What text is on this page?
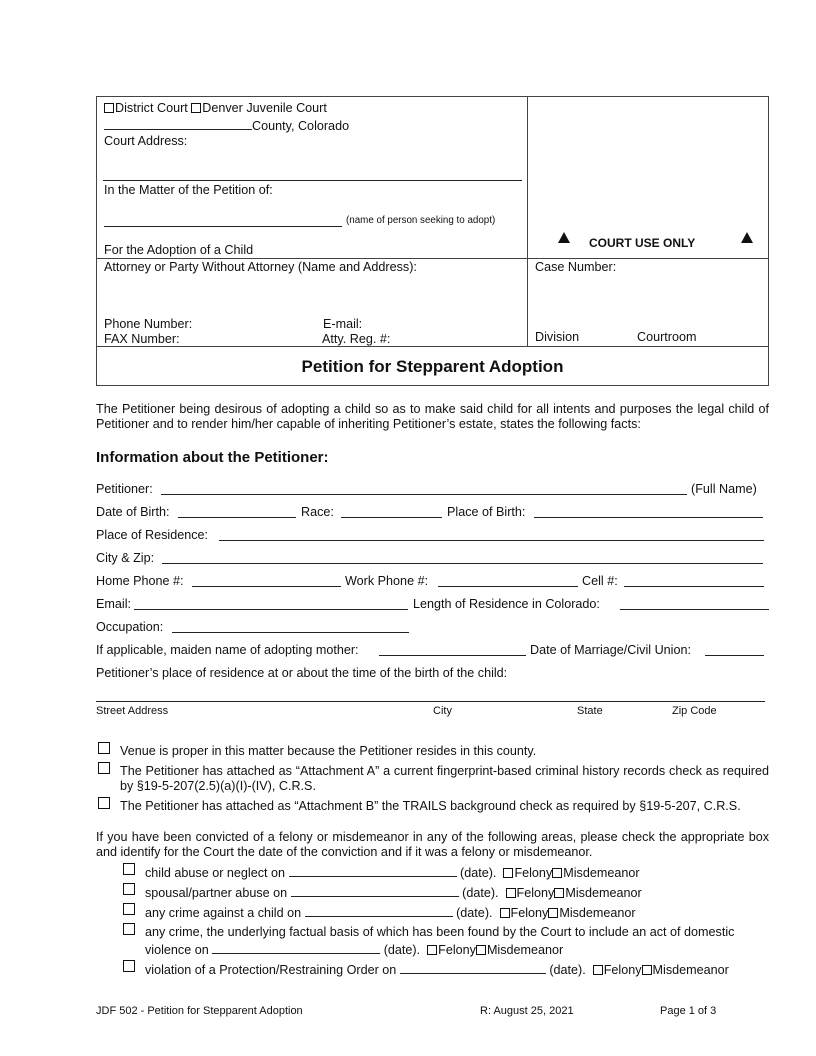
District Court Denver Juvenile Court
County, Colorado
Court Address:
In the Matter of the Petition of:
(name of person seeking to adopt)
For the Adoption of a Child	COURT USE ONLY
Attorney or Party Without Attorney (Name and Address):
Phone Number:	E-mail:
FAX Number:	Atty. Reg. #:
Case Number:
Division	Courtroom
Petition for Stepparent Adoption
The Petitioner being desirous of adopting a child so as to make said child for all intents and purposes the legal child of Petitioner and to render him/her capable of inheriting Petitioner’s estate, states the following facts:
Information about the Petitioner:
Petitioner:	(Full Name)
Date of Birth:	Race:	Place of Birth:
Place of Residence:
City & Zip:
Home Phone #:	Work Phone #:	Cell #:
Email:	Length of Residence in Colorado:
Occupation:
If applicable, maiden name of adopting mother:	Date of Marriage/Civil Union:
Petitioner’s place of residence at or about the time of the birth of the child:
Street Address	City	State	Zip Code
Venue is proper in this matter because the Petitioner resides in this county.
The Petitioner has attached as “Attachment A” a current fingerprint-based criminal history records check as required by §19-5-207(2.5)(a)(I)-(IV), C.R.S.
The Petitioner has attached as “Attachment B” the TRAILS background check as required by §19-5-207, C.R.S.
If you have been convicted of a felony or misdemeanor in any of the following areas, please check the appropriate box and identify for the Court the date of the conviction and if it was a felony or misdemeanor.
child abuse or neglect on	(date). Felony Misdemeanor
spousal/partner abuse on	(date). Felony Misdemeanor
any crime against a child on	(date). Felony Misdemeanor
any crime, the underlying factual basis of which has been found by the Court to include an act of domestic
violence on	(date). Felony Misdemeanor
violation of a Protection/Restraining Order on	(date). Felony Misdemeanor
JDF 502 - Petition for Stepparent Adoption	R: August 25, 2021	Page 1 of 3
